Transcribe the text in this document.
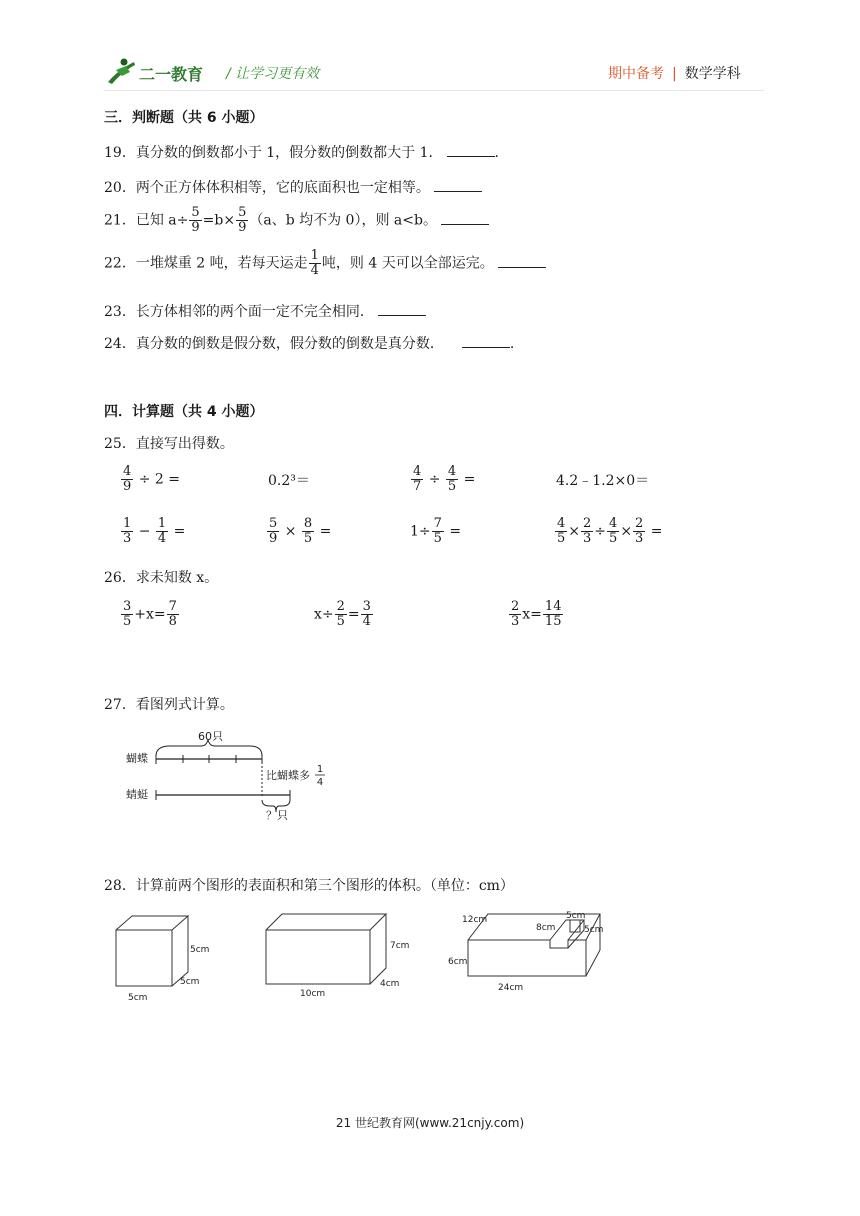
二一教育 / 让学习更有效	期中备考 | 数学学科
三．判断题（共 6 小题）
19．真分数的倒数都小于 1，假分数的倒数都大于 1．	.
20．两个正方体体积相等，它的底面积也一定相等。
21．已知 $a\div \frac{5}{9} =b\times \frac{5}{9} (a$、b 均不为 0），则 a<b。
22．一堆煤重 2 吨，若每天运走 $\frac{1}{4}$ 吨，则 4 天可以全部运完。
23．长方体相邻的两个面一定不完全相同．
24．真分数的倒数是假分数，假分数的倒数是真分数．	.
四．计算题（共 4 小题）
25．直接写出得数。
$\frac{4}{9} \div 2$ =	0.2³＝	$\frac{4}{7} \div \frac{4}{5}$ =	4.2﹣1.2×0＝
$\frac{1}{3} - \frac{1}{4}$ =	$\frac{5}{9} \times \frac{8}{5}$ =	$1\div \frac{7}{5}$ =	$\frac{4}{5} \times \frac{2}{3} \div \frac{4}{5} \times \frac{2}{3}$ =
26．求未知数 x。
$\frac{3}{5} +x= \frac{7}{8}$	$x\div \frac{2}{5} = \frac{3}{4}$	$\frac{2}{3} x= \frac{14}{15}$
27．看图列式计算。
蝴蝶
蜻蜓
60只
比蝴蝶多 1
4
？只
28．计算前两个图形的表面积和第三个图形的体积。（单位：cm）
5cm
5cm
5cm
7cm
4cm
10cm
12cm
8cm
5cm
5cm
6cm
24cm
21 世纪教育网(www.21cnjy.com)
